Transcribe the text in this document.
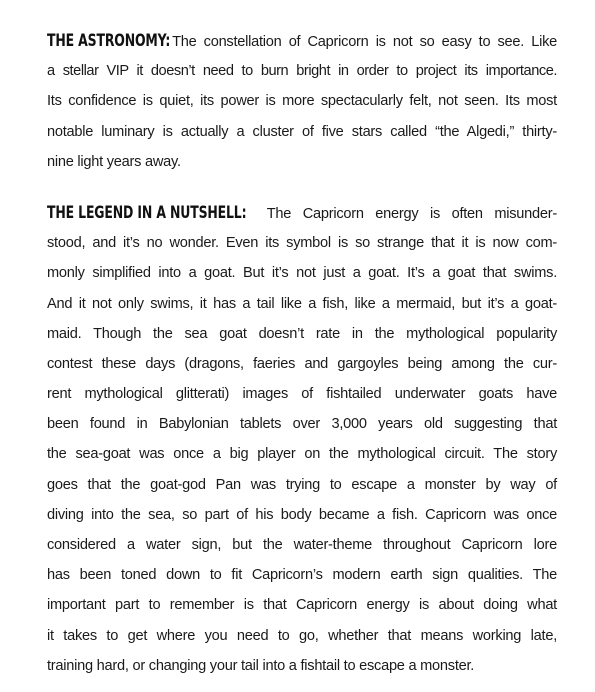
THE ASTRONOMY: The constellation of Capricorn is not so easy to see. Like
a stellar VIP it doesn’t need to burn bright in order to project its importance.
Its confidence is quiet, its power is more spectacularly felt, not seen. Its most
notable luminary is actually a cluster of five stars called “the Algedi,” thirty-
nine light years away.

THE LEGEND IN A NUTSHELL: The Capricorn energy is often misunder-
stood, and it’s no wonder. Even its symbol is so strange that it is now com-
monly simplified into a goat. But it’s not just a goat. It’s a goat that swims.
And it not only swims, it has a tail like a fish, like a mermaid, but it’s a goat-
maid. Though the sea goat doesn’t rate in the mythological popularity
contest these days (dragons, faeries and gargoyles being among the cur-
rent mythological glitterati) images of fishtailed underwater goats have
been found in Babylonian tablets over 3,000 years old suggesting that
the sea-goat was once a big player on the mythological circuit. The story
goes that the goat-god Pan was trying to escape a monster by way of
diving into the sea, so part of his body became a fish. Capricorn was once
considered a water sign, but the water-theme throughout Capricorn lore
has been toned down to fit Capricorn’s modern earth sign qualities. The
important part to remember is that Capricorn energy is about doing what
it takes to get where you need to go, whether that means working late,
training hard, or changing your tail into a fishtail to escape a monster.
